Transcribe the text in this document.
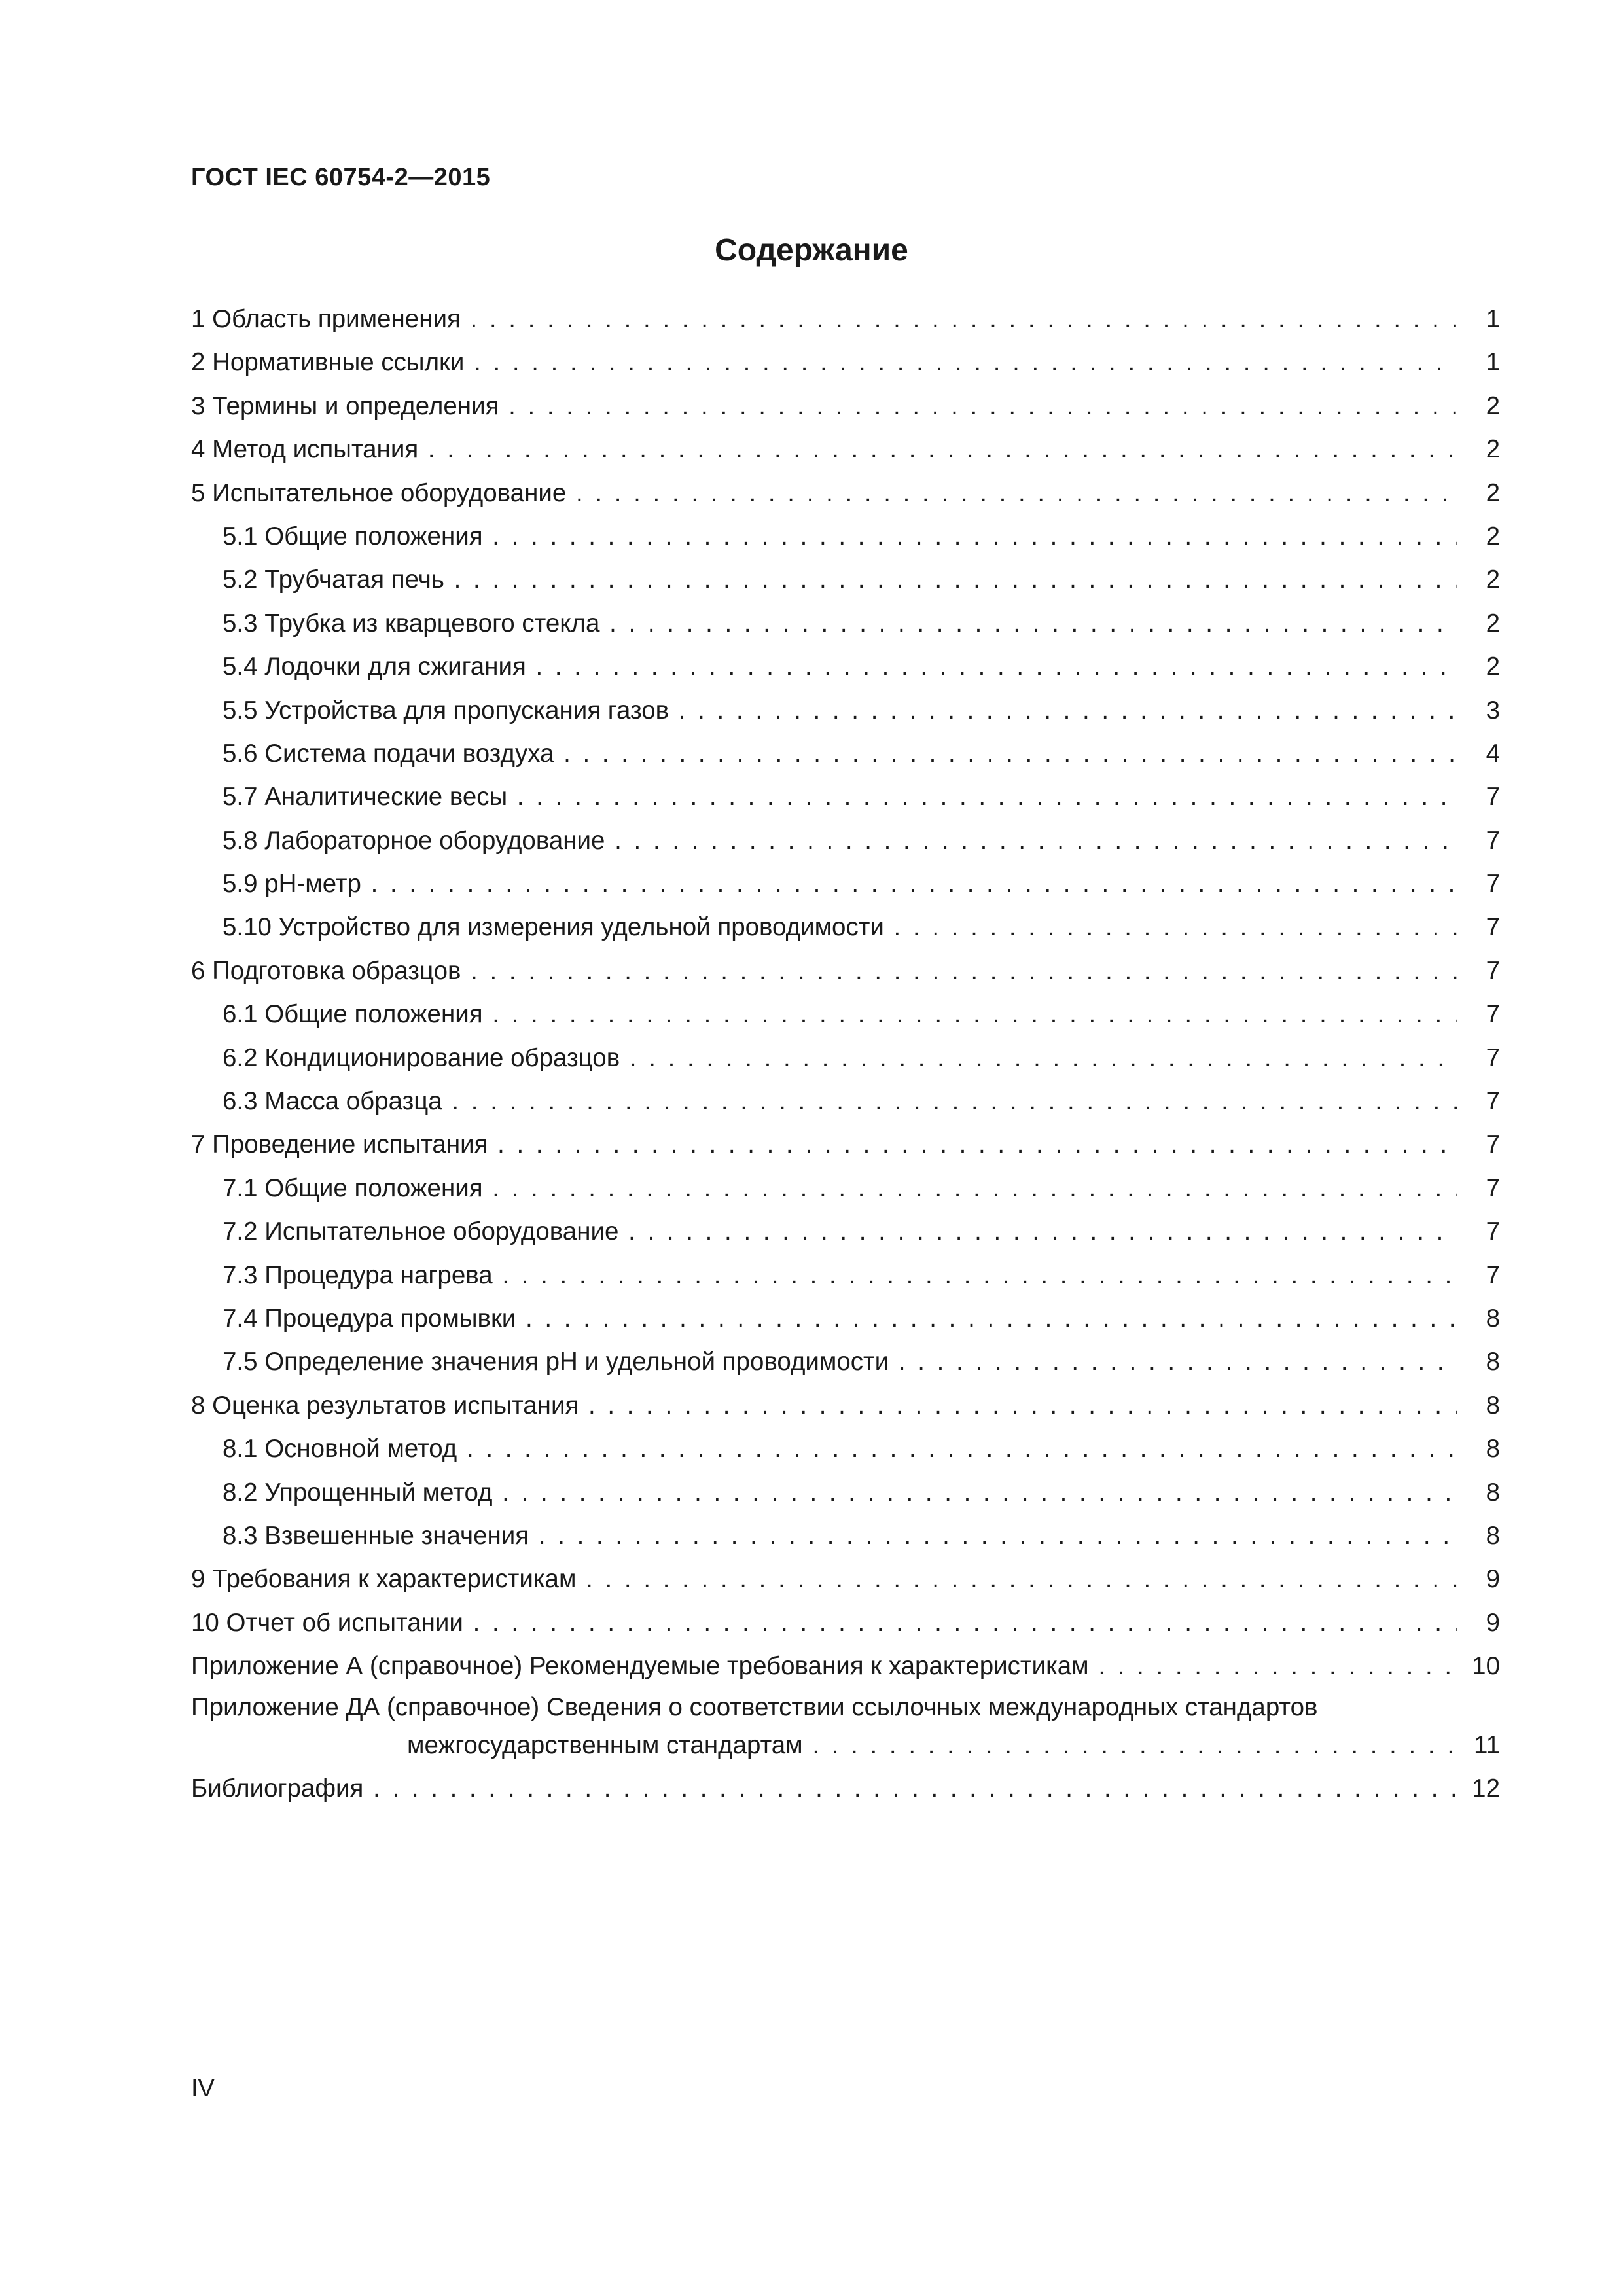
ГОСТ IEC 60754-2—2015
Содержание
1 Область применения . . .	1
2 Нормативные ссылки . . .	1
3 Термины и определения . . .	2
4 Метод испытания . . .	2
5 Испытательное оборудование . . .	2
5.1 Общие положения . . .	2
5.2 Трубчатая печь . . .	2
5.3 Трубка из кварцевого стекла . . .	2
5.4 Лодочки для сжигания . . .	2
5.5 Устройства для пропускания газов . . .	3
5.6 Система подачи воздуха . . .	4
5.7 Аналитические весы . . .	7
5.8 Лабораторное оборудование . . .	7
5.9 pH-метр . . .	7
5.10 Устройство для измерения удельной проводимости . . .	7
6 Подготовка образцов . . .	7
6.1 Общие положения . . .	7
6.2 Кондиционирование образцов . . .	7
6.3 Масса образца . . .	7
7 Проведение испытания . . .	7
7.1 Общие положения . . .	7
7.2 Испытательное оборудование . . .	7
7.3 Процедура нагрева . . .	7
7.4 Процедура промывки . . .	8
7.5 Определение значения pH и удельной проводимости . . .	8
8 Оценка результатов испытания . . .	8
8.1 Основной метод . . .	8
8.2 Упрощенный метод . . .	8
8.3 Взвешенные значения . . .	8
9 Требования к характеристикам . . .	9
10 Отчет об испытании . . .	9
Приложение А (справочное) Рекомендуемые требования к характеристикам . . .	10
Приложение ДА (справочное) Сведения о соответствии ссылочных международных стандартов
межгосударственным стандартам . . .	11
Библиография . . .	12
IV
